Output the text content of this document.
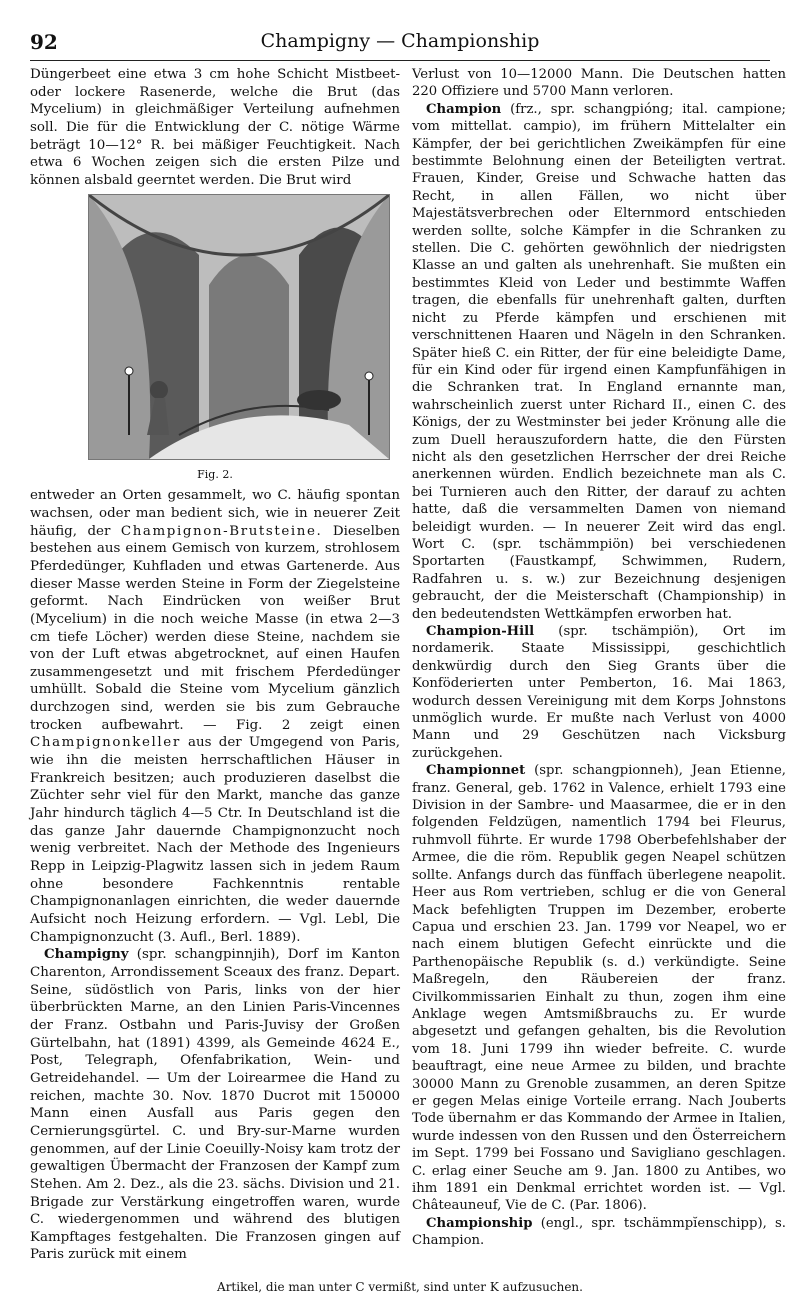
92	Champigny — Championship

Düngerbeet eine etwa 3 cm hohe Schicht Mistbeet- oder lockere Rasenerde, welche die Brut (das Mycelium) in gleichmäßiger Verteilung aufnehmen soll. Die für die Entwicklung der C. nötige Wärme beträgt 10—12° R. bei mäßiger Feuchtigkeit. Nach etwa 6 Wochen zeigen sich die ersten Pilze und können alsbald geerntet werden. Die Brut wird

Fig. 2.

entweder an Orten gesammelt, wo C. häufig spontan wachsen, oder man bedient sich, wie in neuerer Zeit häufig, der Champignon-Brutsteine. Dieselben bestehen aus einem Gemisch von kurzem, strohlosem Pferdedünger, Kuhfladen und etwas Gartenerde. Aus dieser Masse werden Steine in Form der Ziegelsteine geformt. Nach Eindrücken von weißer Brut (Mycelium) in die noch weiche Masse (in etwa 2—3 cm tiefe Löcher) werden diese Steine, nachdem sie von der Luft etwas abgetrocknet, auf einen Haufen zusammengesetzt und mit frischem Pferdedünger umhüllt. Sobald die Steine vom Mycelium gänzlich durchzogen sind, werden sie bis zum Gebrauche trocken aufbewahrt. — Fig. 2 zeigt einen Champignonkeller aus der Umgegend von Paris, wie ihn die meisten herrschaftlichen Häuser in Frankreich besitzen; auch produzieren daselbst die Züchter sehr viel für den Markt, manche das ganze Jahr hindurch täglich 4—5 Ctr. In Deutschland ist die das ganze Jahr dauernde Champignonzucht noch wenig verbreitet. Nach der Methode des Ingenieurs Repp in Leipzig-Plagwitz lassen sich in jedem Raum ohne besondere Fachkenntnis rentable Champignonanlagen einrichten, die weder dauernde Aufsicht noch Heizung erfordern. — Vgl. Lebl, Die Champignonzucht (3. Aufl., Berl. 1889).

Champigny (spr. schangpinnjih), Dorf im Kanton Charenton, Arrondissement Sceaux des franz. Depart. Seine, südöstlich von Paris, links von der hier überbrückten Marne, an den Linien Paris-Vincennes der Franz. Ostbahn und Paris-Juvisy der Großen Gürtelbahn, hat (1891) 4399, als Gemeinde 4624 E., Post, Telegraph, Ofenfabrikation, Wein- und Getreidehandel. — Um der Loirearmee die Hand zu reichen, machte 30. Nov. 1870 Ducrot mit 150000 Mann einen Ausfall aus Paris gegen den Cernierungsgürtel. C. und Bry-sur-Marne wurden genommen, auf der Linie Coeuilly-Noisy kam trotz der gewaltigen Übermacht der Franzosen der Kampf zum Stehen. Am 2. Dez., als die 23. sächs. Division und 21. Brigade zur Verstärkung eingetroffen waren, wurde C. wiedergenommen und während des blutigen Kampftages festgehalten. Die Franzosen gingen auf Paris zurück mit einem

Verlust von 10—12000 Mann. Die Deutschen hatten 220 Offiziere und 5700 Mann verloren.

Champion (frz., spr. schangpióng; ital. campione; vom mittellat. campio), im frühern Mittelalter ein Kämpfer, der bei gerichtlichen Zweikämpfen für eine bestimmte Belohnung einen der Beteiligten vertrat. Frauen, Kinder, Greise und Schwache hatten das Recht, in allen Fällen, wo nicht über Majestätsverbrechen oder Elternmord entschieden werden sollte, solche Kämpfer in die Schranken zu stellen. Die C. gehörten gewöhnlich der niedrigsten Klasse an und galten als unehrenhaft. Sie mußten ein bestimmtes Kleid von Leder und bestimmte Waffen tragen, die ebenfalls für unehrenhaft galten, durften nicht zu Pferde kämpfen und erschienen mit verschnittenen Haaren und Nägeln in den Schranken. Später hieß C. ein Ritter, der für eine beleidigte Dame, für ein Kind oder für irgend einen Kampfunfähigen in die Schranken trat. In England ernannte man, wahrscheinlich zuerst unter Richard II., einen C. des Königs, der zu Westminster bei jeder Krönung alle die zum Duell herauszufordern hatte, die den Fürsten nicht als den gesetzlichen Herrscher der drei Reiche anerkennen würden. Endlich bezeichnete man als C. bei Turnieren auch den Ritter, der darauf zu achten hatte, daß die versammelten Damen von niemand beleidigt wurden. — In neuerer Zeit wird das engl. Wort C. (spr. tschämmpiön) bei verschiedenen Sportarten (Faustkampf, Schwimmen, Rudern, Radfahren u. s. w.) zur Bezeichnung desjenigen gebraucht, der die Meisterschaft (Championship) in den bedeutendsten Wettkämpfen erworben hat.

Champion-Hill (spr. tschämpiön), Ort im nordamerik. Staate Mississippi, geschichtlich denkwürdig durch den Sieg Grants über die Konföderierten unter Pemberton, 16. Mai 1863, wodurch dessen Vereinigung mit dem Korps Johnstons unmöglich wurde. Er mußte nach Verlust von 4000 Mann und 29 Geschützen nach Vicksburg zurückgehen.

Championnet (spr. schangpionneh), Jean Etienne, franz. General, geb. 1762 in Valence, erhielt 1793 eine Division in der Sambre- und Maasarmee, die er in den folgenden Feldzügen, namentlich 1794 bei Fleurus, ruhmvoll führte. Er wurde 1798 Oberbefehlshaber der Armee, die die röm. Republik gegen Neapel schützen sollte. Anfangs durch das fünffach überlegene neapolit. Heer aus Rom vertrieben, schlug er die von General Mack befehligten Truppen im Dezember, eroberte Capua und erschien 23. Jan. 1799 vor Neapel, wo er nach einem blutigen Gefecht einrückte und die Parthenopäische Republik (s. d.) verkündigte. Seine Maßregeln, den Räubereien der franz. Civilkommissarien Einhalt zu thun, zogen ihm eine Anklage wegen Amtsmißbrauchs zu. Er wurde abgesetzt und gefangen gehalten, bis die Revolution vom 18. Juni 1799 ihn wieder befreite. C. wurde beauftragt, eine neue Armee zu bilden, und brachte 30000 Mann zu Grenoble zusammen, an deren Spitze er gegen Melas einige Vorteile errang. Nach Jouberts Tode übernahm er das Kommando der Armee in Italien, wurde indessen von den Russen und den Österreichern im Sept. 1799 bei Fossano und Savigliano geschlagen. C. erlag einer Seuche am 9. Jan. 1800 zu Antibes, wo ihm 1891 ein Denkmal errichtet worden ist. — Vgl. Châteauneuf, Vie de C. (Par. 1806).

Championship (engl., spr. tschämmpĭenschipp), s. Champion.

Artikel, die man unter C vermißt, sind unter K aufzusuchen.
